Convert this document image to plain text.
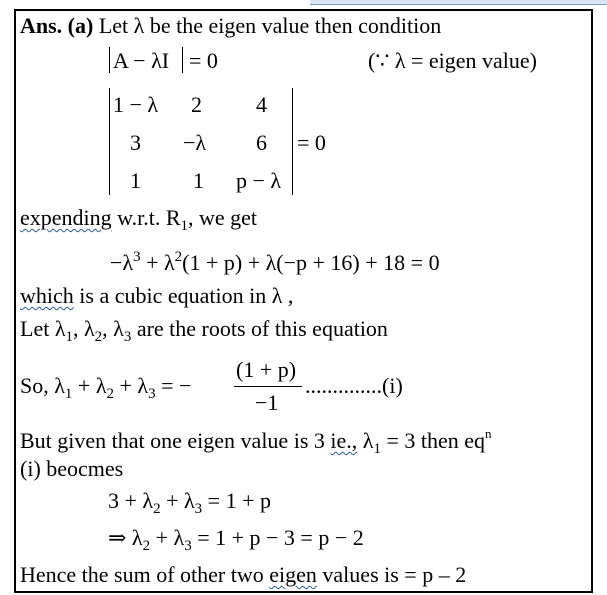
Ans. (a) Let λ be the eigen value then condition
A − λI = 0	(∵ λ = eigen value)
1 − λ 2 4
3 −λ 6 = 0
1 1 p − λ
expending w.r.t. $R_1$, we get
$-\lambda^3 + \lambda^2(1 + p) + \lambda(-p + 16) + 18 = 0$
which is a cubic equation in λ ,
Let $\lambda_1$, $\lambda_2$, $\lambda_3$ are the roots of this equation
So, $\lambda_1 + \lambda_2 + \lambda_3$ = −
(1 + p)
−1
..............(i)
But given that one eigen value is 3 ie., $\lambda_1 = 3$ then $eq^n$
(i) beocmes
$3 + \lambda_2 + \lambda_3 = 1 + p$
⇒ $\lambda_2 + \lambda_3 = 1 + p - 3 = p - 2$
Hence the sum of other two eigen values is = p – 2
